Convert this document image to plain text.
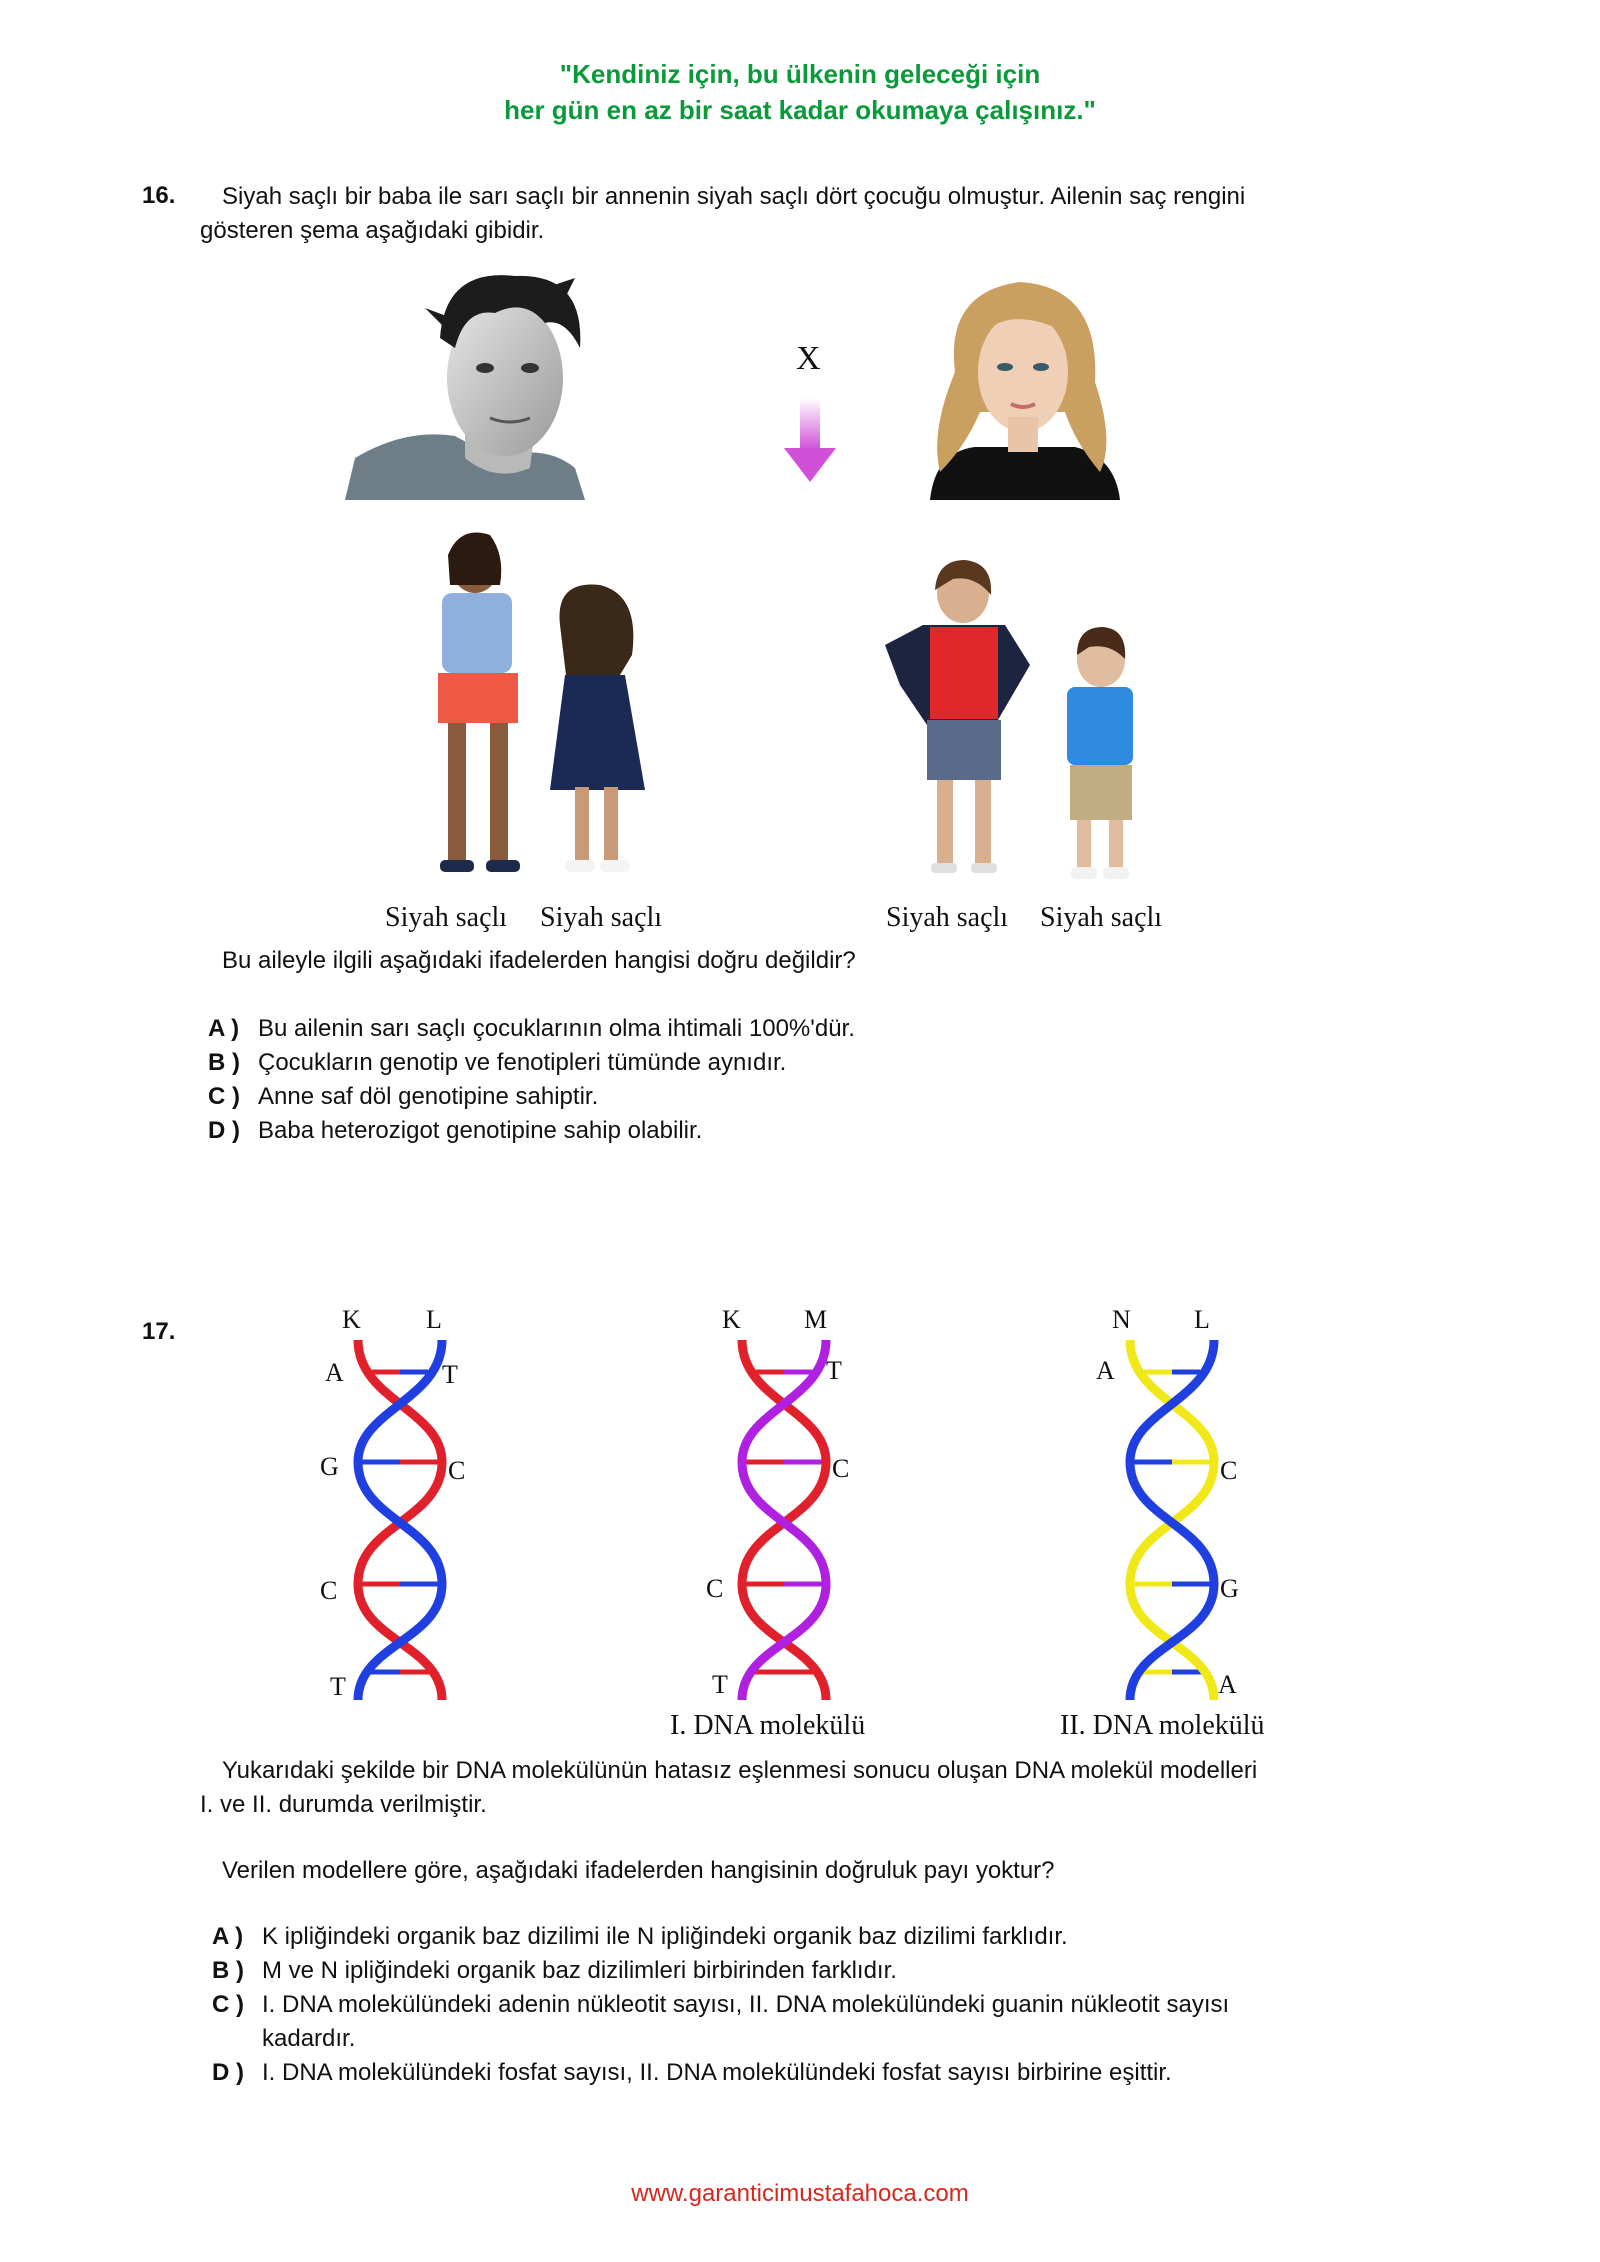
"Kendiniz için, bu ülkenin geleceği için
her gün en az bir saat kadar okumaya çalışınız."
16. Siyah saçlı bir baba ile sarı saçlı bir annenin siyah saçlı dört çocuğu olmuştur. Ailenin saç rengini
gösteren şema aşağıdaki gibidir.
X
Siyah saçlı Siyah saçlı	Siyah saçlı Siyah saçlı
Bu aileyle ilgili aşağıdaki ifadelerden hangisi doğru değildir?
A ) Bu ailenin sarı saçlı çocuklarının olma ihtimali 100%'dür.
B ) Çocukların genotip ve fenotipleri tümünde aynıdır.
C ) Anne saf döl genotipine sahiptir.
D ) Baba heterozigot genotipine sahip olabilir.
17.	K	L
A	T
G	C
C
T
K M
T
C
C
T
I. DNA molekülü
N L
A
C
G
A
II. DNA molekülü
Yukarıdaki şekilde bir DNA molekülünün hatasız eşlenmesi sonucu oluşan DNA molekül modelleri
I. ve II. durumda verilmiştir.
Verilen modellere göre, aşağıdaki ifadelerden hangisinin doğruluk payı yoktur?
A ) K ipliğindeki organik baz dizilimi ile N ipliğindeki organik baz dizilimi farklıdır.
B ) M ve N ipliğindeki organik baz dizilimleri birbirinden farklıdır.
C ) I. DNA molekülündeki adenin nükleotit sayısı, II. DNA molekülündeki guanin nükleotit sayısı
kadardır.
D ) I. DNA molekülündeki fosfat sayısı, II. DNA molekülündeki fosfat sayısı birbirine eşittir.
www.garanticimustafahoca.com
